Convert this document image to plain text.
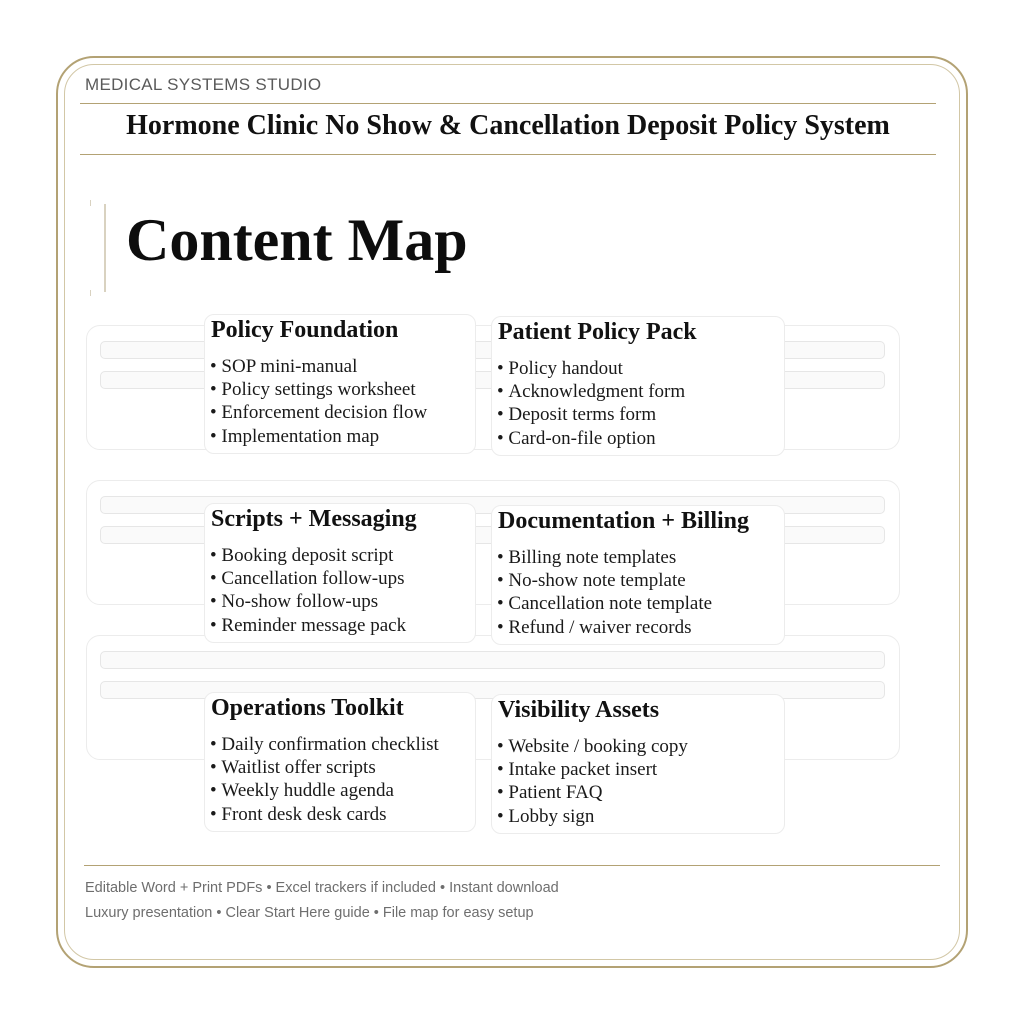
MEDICAL SYSTEMS STUDIO
Hormone Clinic No Show & Cancellation Deposit Policy System
Content Map
Policy Foundation
• SOP mini-manual
• Policy settings worksheet
• Enforcement decision flow
• Implementation map
Patient Policy Pack
• Policy handout
• Acknowledgment form
• Deposit terms form
• Card-on-file option
Scripts + Messaging
• Booking deposit script
• Cancellation follow-ups
• No-show follow-ups
• Reminder message pack
Documentation + Billing
• Billing note templates
• No-show note template
• Cancellation note template
• Refund / waiver records
Operations Toolkit
• Daily confirmation checklist
• Waitlist offer scripts
• Weekly huddle agenda
• Front desk desk cards
Visibility Assets
• Website / booking copy
• Intake packet insert
• Patient FAQ
• Lobby sign
Editable Word + Print PDFs • Excel trackers if included • Instant download
Luxury presentation • Clear Start Here guide • File map for easy setup
